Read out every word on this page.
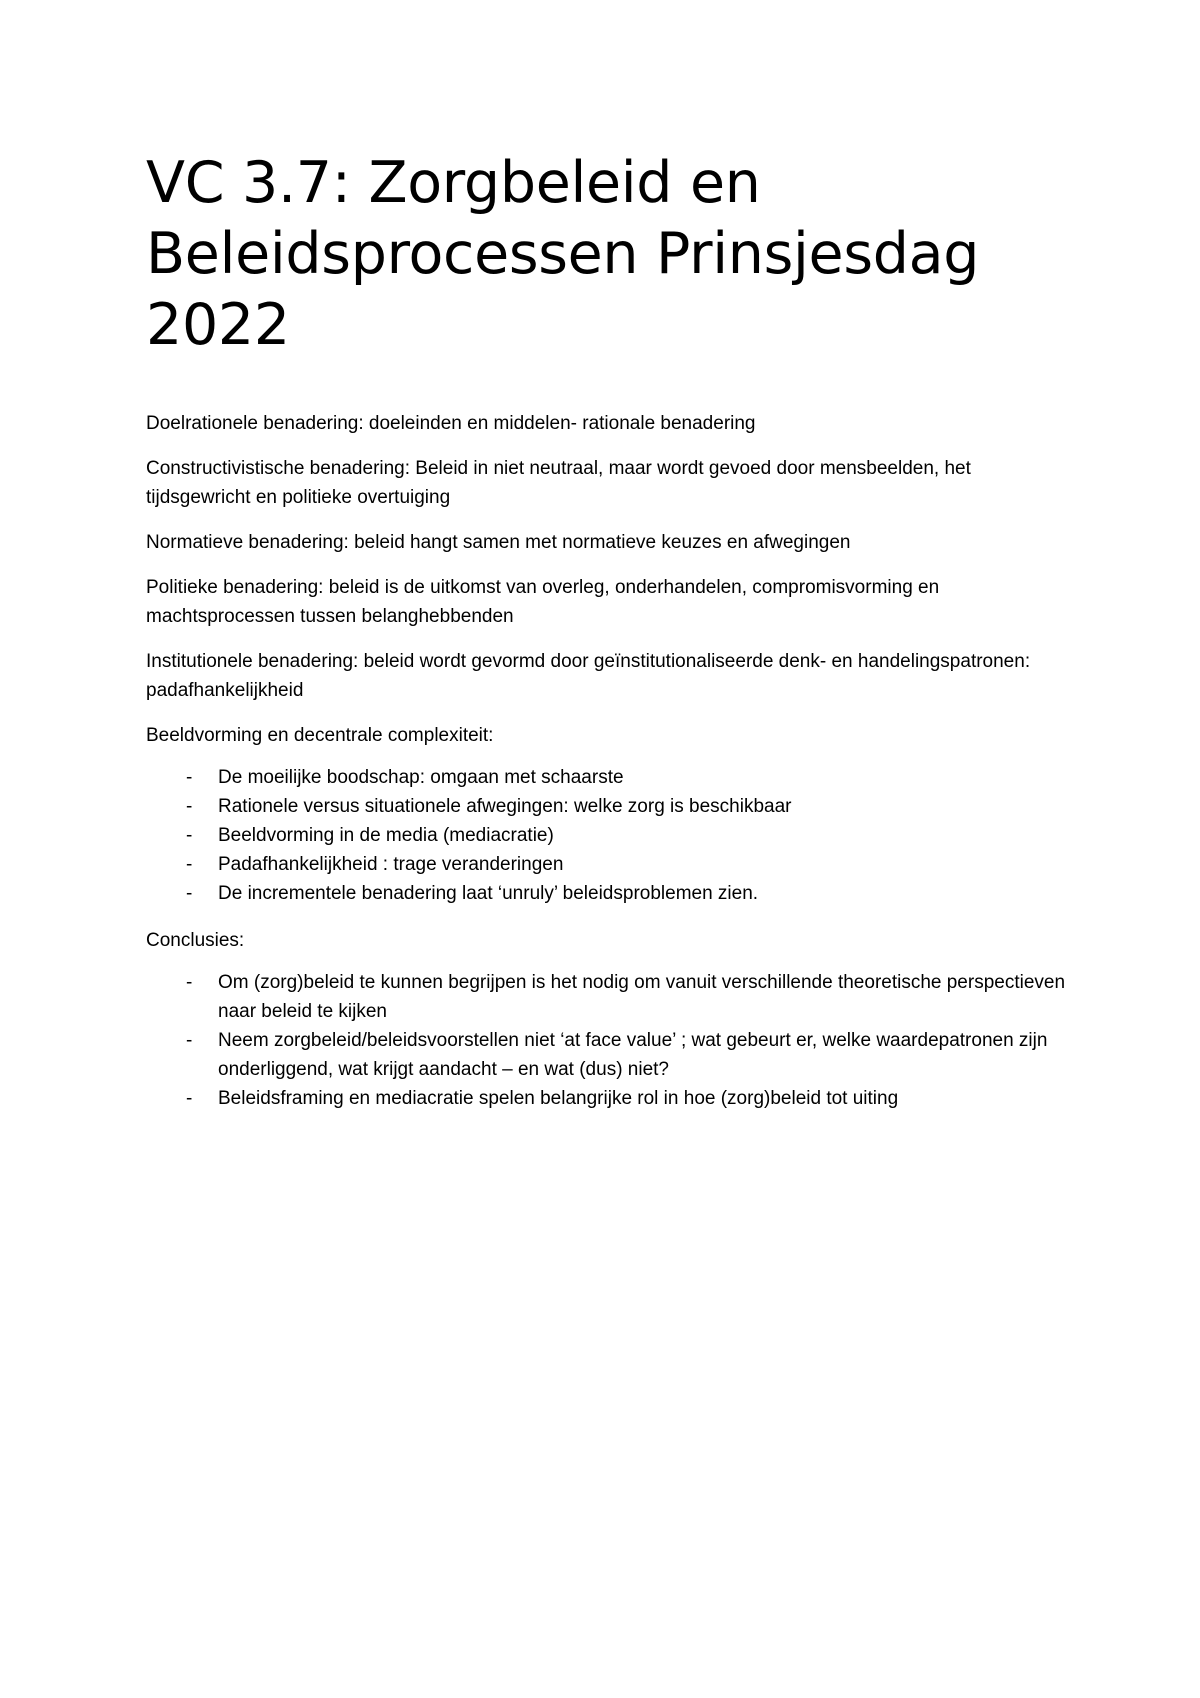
VC 3.7: Zorgbeleid en Beleidsprocessen Prinsjesdag 2022

Doelrationele benadering: doeleinden en middelen- rationale benadering

Constructivistische benadering: Beleid in niet neutraal, maar wordt gevoed door mensbeelden, het tijdsgewricht en politieke overtuiging

Normatieve benadering: beleid hangt samen met normatieve keuzes en afwegingen

Politieke benadering: beleid is de uitkomst van overleg, onderhandelen, compromisvorming en machtsprocessen tussen belanghebbenden

Institutionele benadering: beleid wordt gevormd door geïnstitutionaliseerde denk- en handelingspatronen: padafhankelijkheid

Beeldvorming en decentrale complexiteit:

- De moeilijke boodschap: omgaan met schaarste
- Rationele versus situationele afwegingen: welke zorg is beschikbaar
- Beeldvorming in de media (mediacratie)
- Padafhankelijkheid : trage veranderingen
- De incrementele benadering laat ‘unruly’ beleidsproblemen zien.

Conclusies:

- Om (zorg)beleid te kunnen begrijpen is het nodig om vanuit verschillende theoretische perspectieven naar beleid te kijken
- Neem zorgbeleid/beleidsvoorstellen niet ‘at face value’ ; wat gebeurt er, welke waardepatronen zijn onderliggend, wat krijgt aandacht – en wat (dus) niet?
- Beleidsframing en mediacratie spelen belangrijke rol in hoe (zorg)beleid tot uiting
